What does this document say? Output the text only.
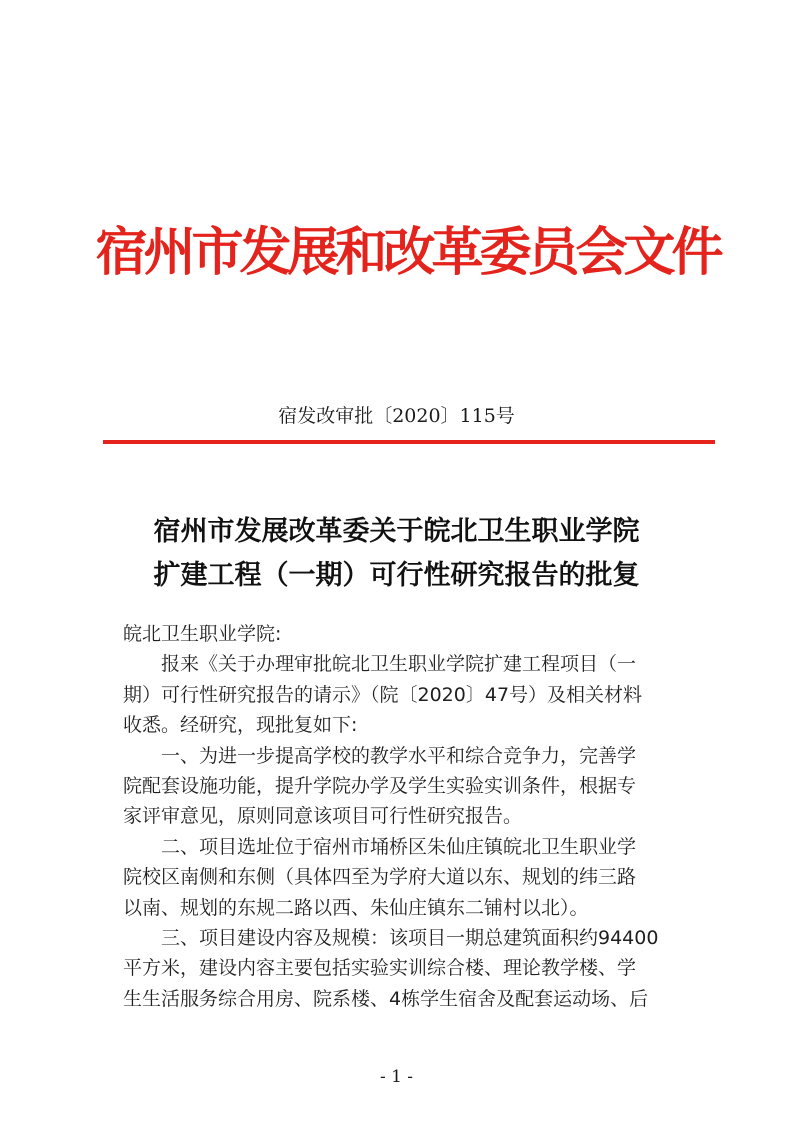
宿州市发展和改革委员会文件
宿发改审批〔2020〕115号
宿州市发展改革委关于皖北卫生职业学院
扩建工程（一期）可行性研究报告的批复
皖北卫生职业学院:
报来《关于办理审批皖北卫生职业学院扩建工程项目（一
期）可行性研究报告的请示》（院〔2020〕47号）及相关材料
收悉。经研究，现批复如下:
一、为进一步提高学校的教学水平和综合竞争力，完善学
院配套设施功能，提升学院办学及学生实验实训条件，根据专
家评审意见，原则同意该项目可行性研究报告。
二、项目选址位于宿州市埇桥区朱仙庄镇皖北卫生职业学
院校区南侧和东侧（具体四至为学府大道以东、规划的纬三路
以南、规划的东规二路以西、朱仙庄镇东二铺村以北）。
三、项目建设内容及规模：该项目一期总建筑面积约94400
平方米，建设内容主要包括实验实训综合楼、理论教学楼、学
生生活服务综合用房、院系楼、4栋学生宿舍及配套运动场、后
- 1 -
